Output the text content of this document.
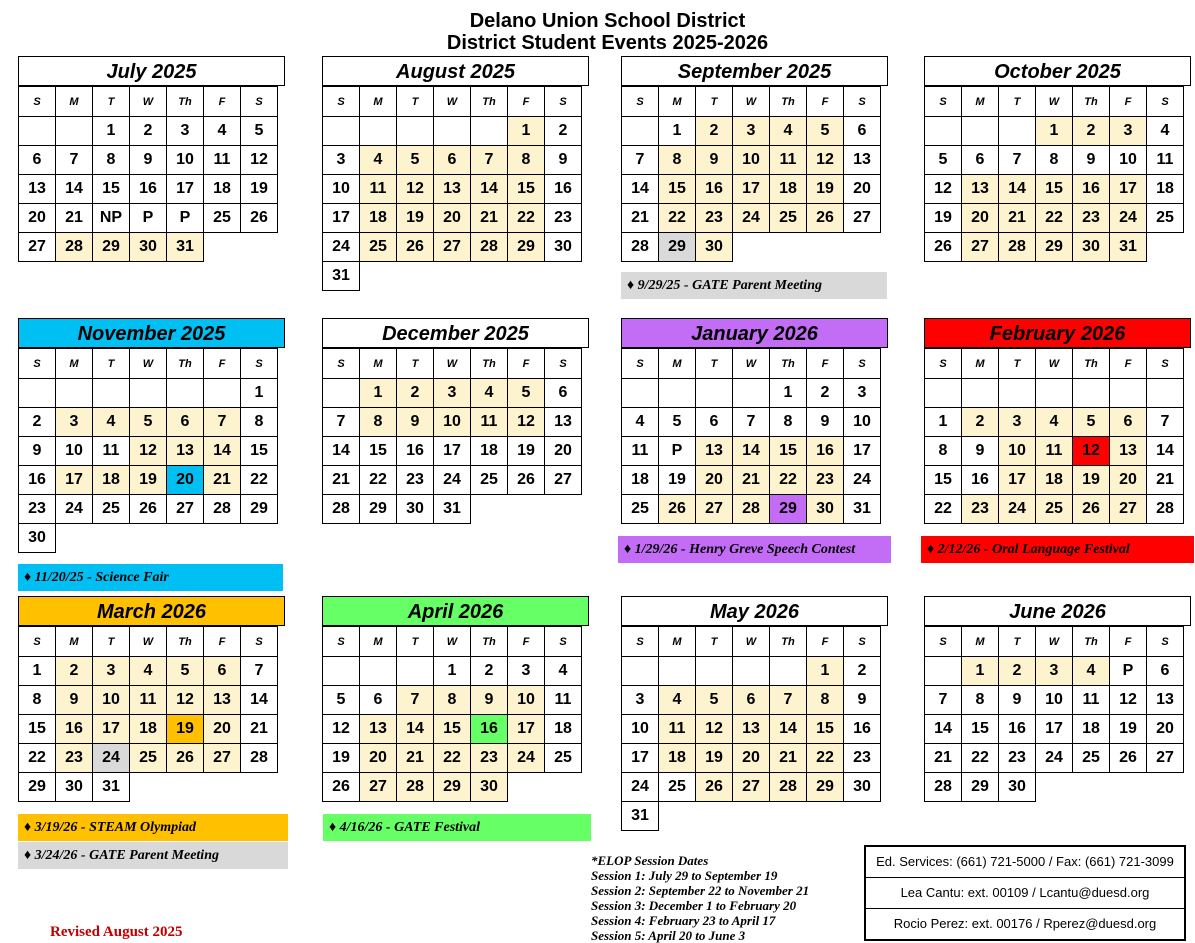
Delano Union School District
District Student Events 2025-2026
July 2025
S	M	T	W	Th	F	S
		1	2	3	4	5
6	7	8	9	10	11	12
13	14	15	16	17	18	19
20	21	NP	P	P	25	26
27	28	29	30	31		
August 2025
S	M	T	W	Th	F	S
					1	2
3	4	5	6	7	8	9
10	11	12	13	14	15	16
17	18	19	20	21	22	23
24	25	26	27	28	29	30
31						
September 2025
S	M	T	W	Th	F	S
	1	2	3	4	5	6
7	8	9	10	11	12	13
14	15	16	17	18	19	20
21	22	23	24	25	26	27
28	29	30				
October 2025
S	M	T	W	Th	F	S
			1	2	3	4
5	6	7	8	9	10	11
12	13	14	15	16	17	18
19	20	21	22	23	24	25
26	27	28	29	30	31	
November 2025
S	M	T	W	Th	F	S
						1
2	3	4	5	6	7	8
9	10	11	12	13	14	15
16	17	18	19	20	21	22
23	24	25	26	27	28	29
30						
December 2025
S	M	T	W	Th	F	S
	1	2	3	4	5	6
7	8	9	10	11	12	13
14	15	16	17	18	19	20
21	22	23	24	25	26	27
28	29	30	31			
January 2026
S	M	T	W	Th	F	S
				1	2	3
4	5	6	7	8	9	10
11	P	13	14	15	16	17
18	19	20	21	22	23	24
25	26	27	28	29	30	31
February 2026
S	M	T	W	Th	F	S

1	2	3	4	5	6	7
8	9	10	11	12	13	14
15	16	17	18	19	20	21
22	23	24	25	26	27	28
March 2026
S	M	T	W	Th	F	S
1	2	3	4	5	6	7
8	9	10	11	12	13	14
15	16	17	18	19	20	21
22	23	24	25	26	27	28
29	30	31				
April 2026
S	M	T	W	Th	F	S
			1	2	3	4
5	6	7	8	9	10	11
12	13	14	15	16	17	18
19	20	21	22	23	24	25
26	27	28	29	30		
May 2026
S	M	T	W	Th	F	S
					1	2
3	4	5	6	7	8	9
10	11	12	13	14	15	16
17	18	19	20	21	22	23
24	25	26	27	28	29	30
31						
June 2026
S	M	T	W	Th	F	S
	1	2	3	4	P	6
7	8	9	10	11	12	13
14	15	16	17	18	19	20
21	22	23	24	25	26	27
28	29	30				
♦ 9/29/25 - GATE Parent Meeting
♦ 11/20/25 - Science Fair
♦ 1/29/26 - Henry Greve Speech Contest	♦ 2/12/26 - Oral Language Festival
♦ 3/19/26 - STEAM Olympiad
♦ 3/24/26 - GATE Parent Meeting
♦ 4/16/26 - GATE Festival
*ELOP Session Dates
Session 1: July 29 to September 19
Session 2: September 22 to November 21
Session 3: December 1 to February 20
Session 4: February 23 to April 17
Session 5: April 20 to June 3
Ed. Services: (661) 721-5000 / Fax: (661) 721-3099
Lea Cantu: ext. 00109 / Lcantu@duesd.org
Rocio Perez: ext. 00176 / Rperez@duesd.org
Revised August 2025
